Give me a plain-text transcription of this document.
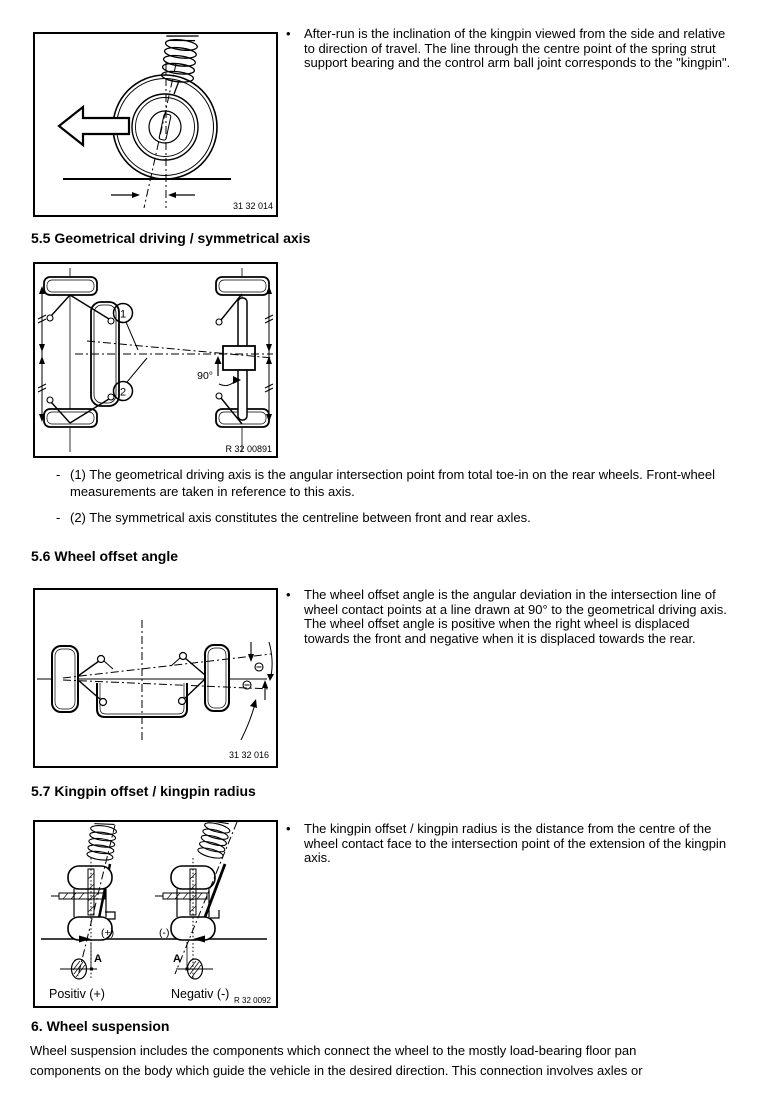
31 32 014
•	After-run is the inclination of the kingpin viewed from the side and relative to direction of travel. The line through the centre point of the spring strut support bearing and the control arm ball joint corresponds to the "kingpin".
5.5 Geometrical driving / symmetrical axis
1
2
90°
R 32 00891
- (1) The geometrical driving axis is the angular intersection point from total toe-in on the rear wheels. Front-wheel measurements are taken in reference to this axis.
- (2) The symmetrical axis constitutes the centreline between front and rear axles.
5.6 Wheel offset angle
31 32 016
•	The wheel offset angle is the angular deviation in the intersection line of wheel contact points at a line drawn at 90° to the geometrical driving axis. The wheel offset angle is positive when the right wheel is displaced towards the front and negative when it is displaced towards the rear.
5.7 Kingpin offset / kingpin radius
(+)
A
(-)
A
Positiv (+)	Negativ (-) R 32 0092
•	The kingpin offset / kingpin radius is the distance from the centre of the wheel contact face to the intersection point of the extension of the kingpin axis.
6. Wheel suspension
Wheel suspension includes the components which connect the wheel to the mostly load-bearing floor pan components on the body which guide the vehicle in the desired direction. This connection involves axles or
